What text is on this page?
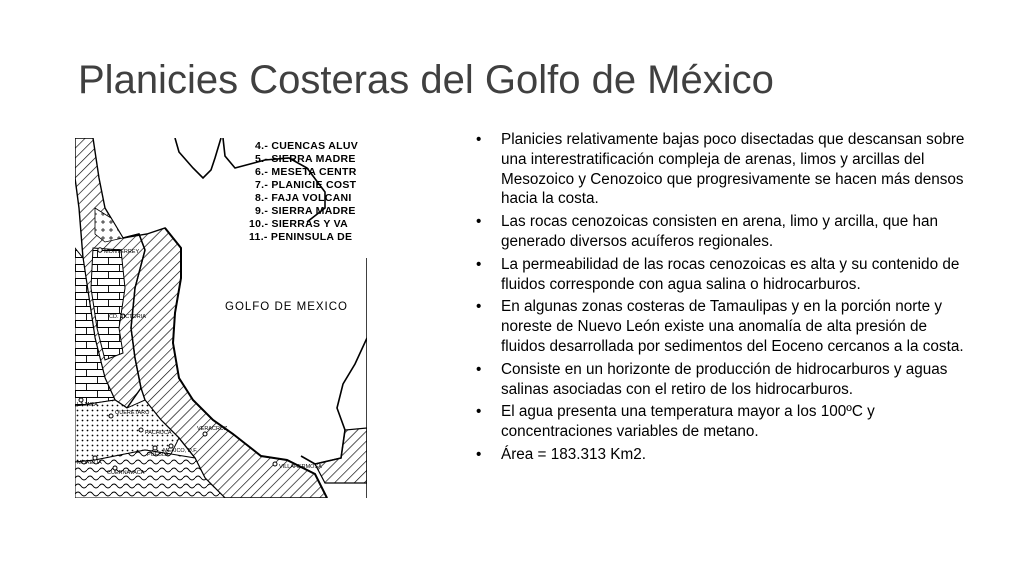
Planicies Costeras del Golfo de México
4.- CUENCAS ALUV
5.- SIERRA MADRE
6.- MESETA CENTR
7.- PLANICIE COST
8.- FAJA VOLCANI
9.- SIERRA MADRE
10.- SIERRAS Y VA
11.- PENINSULA DE
GOLFO DE MEXICO
MONTERREY
CD. VICTORIA
LAJARA
QUERETARO
PACHUCA
VERACRUZ
PUEBLA
MEXICO, D.F.
MORELIA
CUERNAVACA
VILLAHERMOSA
• Planicies relativamente bajas poco disectadas que descansan sobre una interestratificación compleja de arenas, limos y arcillas del Mesozoico y Cenozoico que progresivamente se hacen más densos hacia la costa.
• Las rocas cenozoicas consisten en arena, limo y arcilla, que han generado diversos acuíferos regionales.
• La permeabilidad de las rocas cenozoicas es alta y su contenido de fluidos corresponde con agua salina o hidrocarburos.
• En algunas zonas costeras de Tamaulipas y en la porción norte y noreste de Nuevo León existe una anomalía de alta presión de fluidos desarrollada por sedimentos del Eoceno cercanos a la costa.
• Consiste en un horizonte de producción de hidrocarburos y aguas salinas asociadas con el retiro de los hidrocarburos.
• El agua presenta una temperatura mayor a los 100ºC y concentraciones variables de metano.
• Área = 183.313 Km2.
